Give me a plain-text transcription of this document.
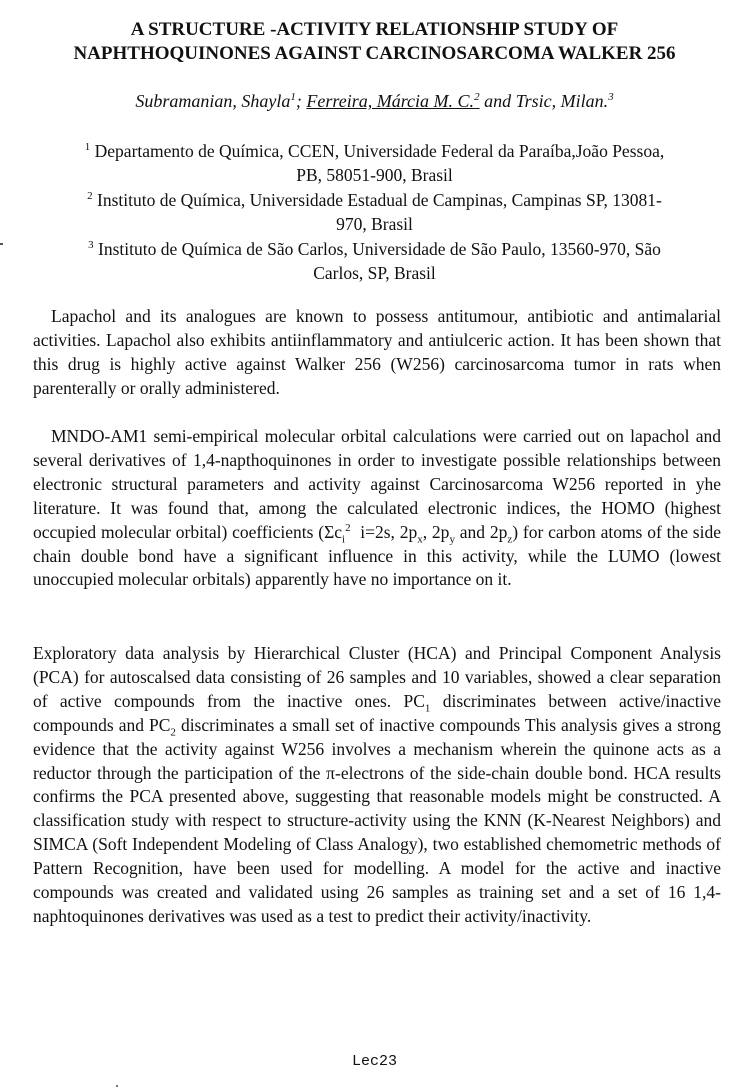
A STRUCTURE -ACTIVITY RELATIONSHIP STUDY OF
NAPHTHOQUINONES AGAINST CARCINOSARCOMA WALKER 256
Subramanian, Shayla$^1$; Ferreira, Márcia M. C.$^2$ and Trsic, Milan.$^3$
$^1$ Departamento de Química, CCEN, Universidade Federal da Paraíba,João Pessoa,
PB, 58051-900, Brasil
$^2$ Instituto de Química, Universidade Estadual de Campinas, Campinas SP, 13081-
970, Brasil
$^3$ Instituto de Química de São Carlos, Universidade de São Paulo, 13560-970, São
Carlos, SP, Brasil

Lapachol and its analogues are known to possess antitumour, antibiotic and antimalarial activities. Lapachol also exhibits antiinflammatory and antiulceric action. It has been shown that this drug is highly active against Walker 256 (W256) carcinosarcoma tumor in rats when parenterally or orally administered.

MNDO-AM1 semi-empirical molecular orbital calculations were carried out on lapachol and several derivatives of 1,4-napthoquinones in order to investigate possible relationships between electronic structural parameters and activity against Carcinosarcoma W256 reported in yhe literature. It was found that, among the calculated electronic indices, the HOMO (highest occupied molecular orbital) coefficients ($\Sigma c_i^2$  i=2s, $2p_x$, $2p_y$ and $2p_z$) for carbon atoms of the side chain double bond have a significant influence in this activity, while the LUMO (lowest unoccupied molecular orbitals) apparently have no importance on it.

Exploratory data analysis by Hierarchical Cluster (HCA) and Principal Component Analysis (PCA) for autoscalsed data consisting of 26 samples and 10 variables, showed a clear separation of active compounds from the inactive ones. $PC_1$ discriminates between active/inactive compounds and $PC_2$ discriminates a small set of inactive compounds This analysis gives a strong evidence that the activity against W256 involves a mechanism wherein the quinone acts as a reductor through the participation of the π-electrons of the side-chain double bond. HCA results confirms the PCA presented above, suggesting that reasonable models might be constructed. A classification study with respect to structure-activity using the KNN (K-Nearest Neighbors) and SIMCA (Soft Independent Modeling of Class Analogy), two established chemometric methods of Pattern Recognition, have been used for modelling. A model for the active and inactive compounds was created and validated using 26 samples as training set and a set of 16 1,4-naphtoquinones derivatives was used as a test to predict their activity/inactivity.

Lec23
